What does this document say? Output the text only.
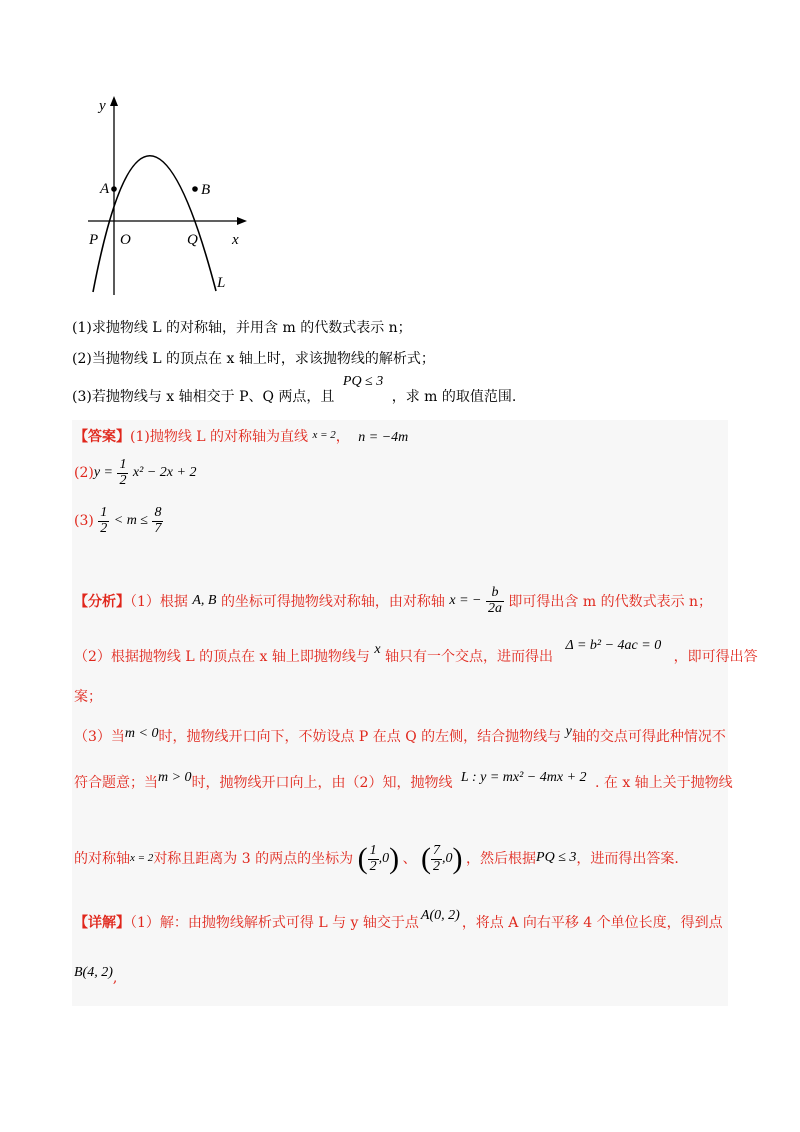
y
x
O
A	B
P	Q
L
(1)求抛物线 L 的对称轴，并用含 m 的代数式表示 n；
(2)当抛物线 L 的顶点在 x 轴上时，求该抛物线的解析式；
(3)若抛物线与 x 轴相交于 P、Q 两点，且 PQ ≤ 3 ，求 m 的取值范围.
【答案】(1)抛物线 L 的对称轴为直线 $^{x = 2}$， n = −4m
$(2)y = \frac{1}{2} x^2 - 2x + 2$
$(3) \frac{1}{2} < m \le \frac{8}{7}$
【分析】（1）根据 A, B 的坐标可得抛物线对称轴，由对称轴 x = − $\frac{b}{2a}$ 即可得出含 m 的代数式表示 n；
（2）根据抛物线 L 的顶点在 x 轴上即抛物线与 x 轴只有一个交点，进而得出 Δ = b² − 4ac = 0 ，即可得出答
案；
（3）当m < 0时，抛物线开口向下，不妨设点 P 在点 Q 的左侧，结合抛物线与 y轴的交点可得此种情况不
符合题意；当m > 0时，抛物线开口向上，由（2）知，抛物线 L : y = mx² − 4mx + 2 . 在 x 轴上关于抛物线
的对称轴x = 2对称且距离为 3 的两点的坐标为 ( $\frac{1}{2} ,0$) 、 ( $\frac{7}{2} ,0$) ，然后根据PQ ≤ 3，进而得出答案.
【详解】（1）解：由抛物线解析式可得 L 与 y 轴交于点 A(0, 2) ，将点 A 向右平移 4 个单位长度，得到点
B(4, 2),
